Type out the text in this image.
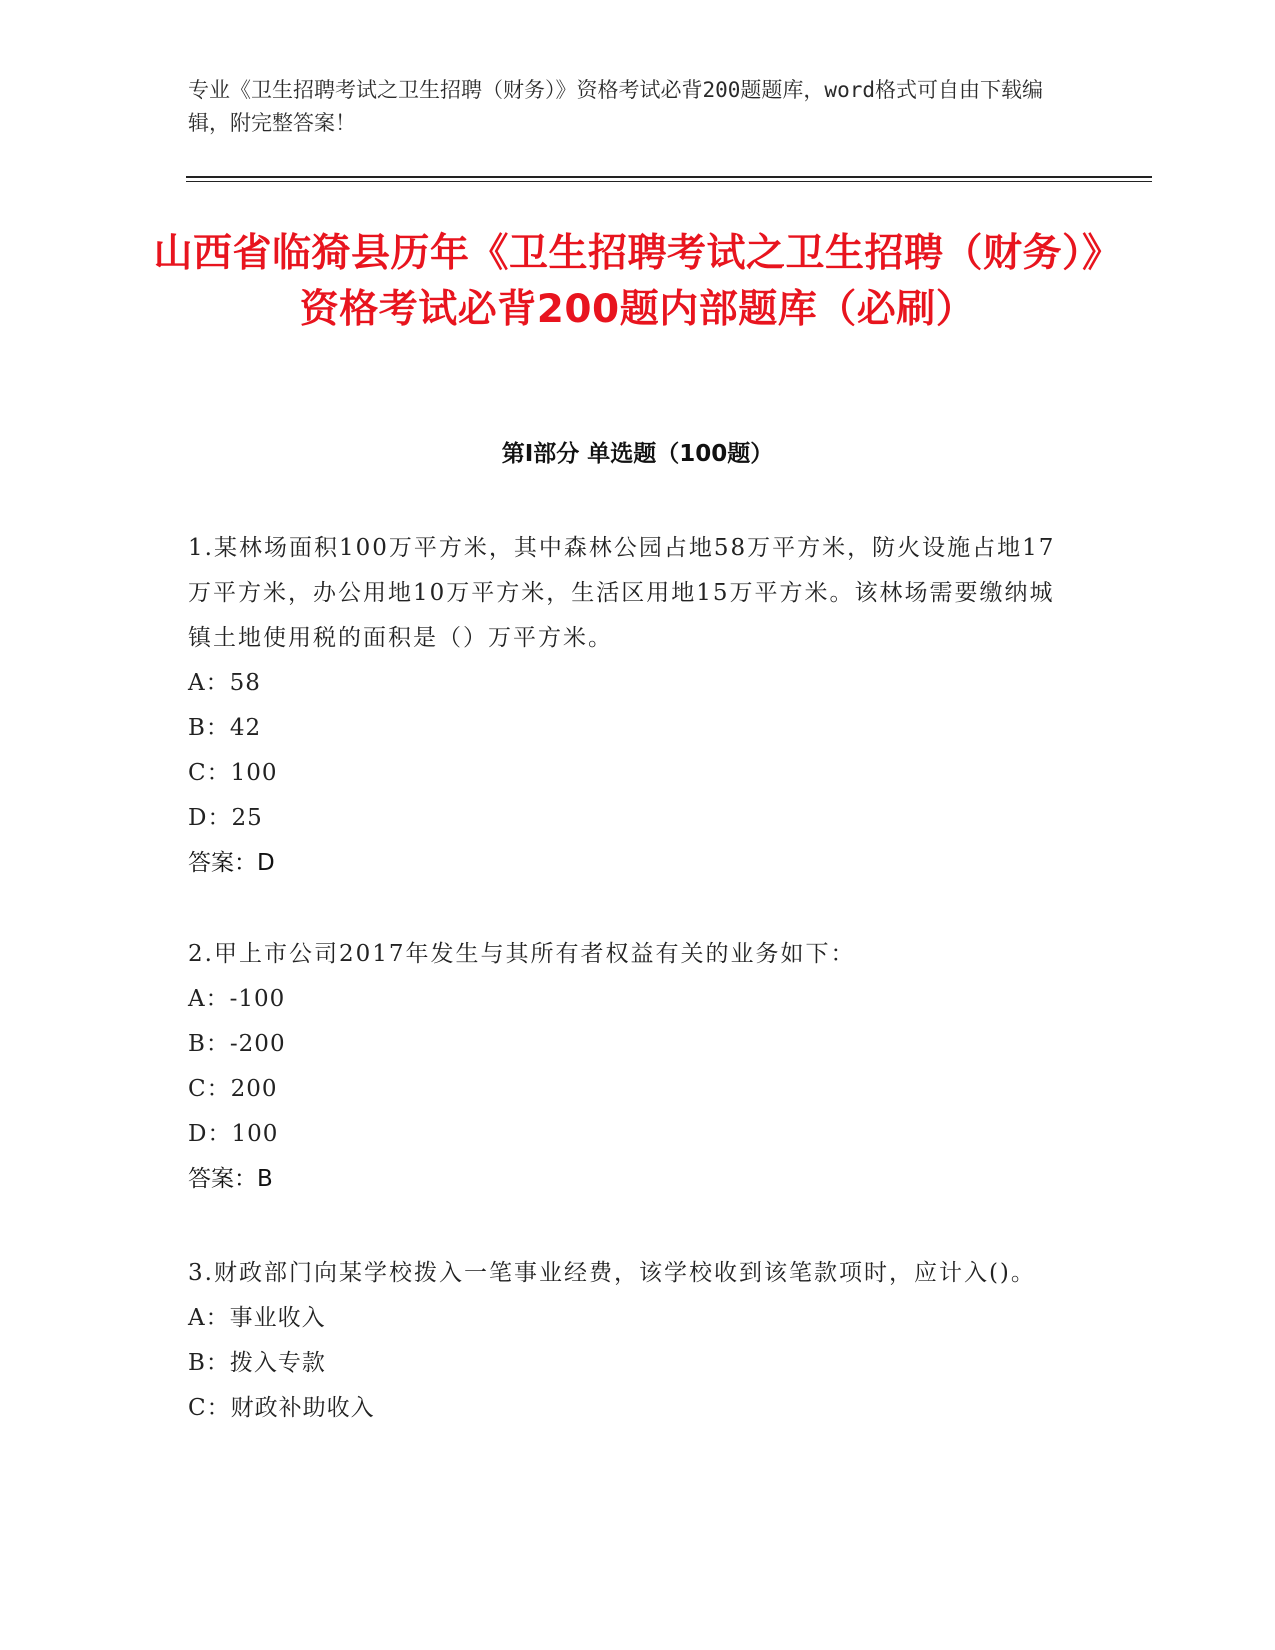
专业《卫生招聘考试之卫生招聘（财务）》资格考试必背200题题库，word格式可自由下载编辑，附完整答案！
山西省临猗县历年《卫生招聘考试之卫生招聘（财务）》资格考试必背200题内部题库（必刷）
第I部分 单选题（100题）
1.某林场面积100万平方米，其中森林公园占地58万平方米，防火设施占地17万平方米，办公用地10万平方米，生活区用地15万平方米。该林场需要缴纳城镇土地使用税的面积是（）万平方米。
A：58
B：42
C：100
D：25
答案：D
2.甲上市公司2017年发生与其所有者权益有关的业务如下：
A：-100
B：-200
C：200
D：100
答案：B
3.财政部门向某学校拨入一笔事业经费，该学校收到该笔款项时，应计入()。
A：事业收入
B：拨入专款
C：财政补助收入
